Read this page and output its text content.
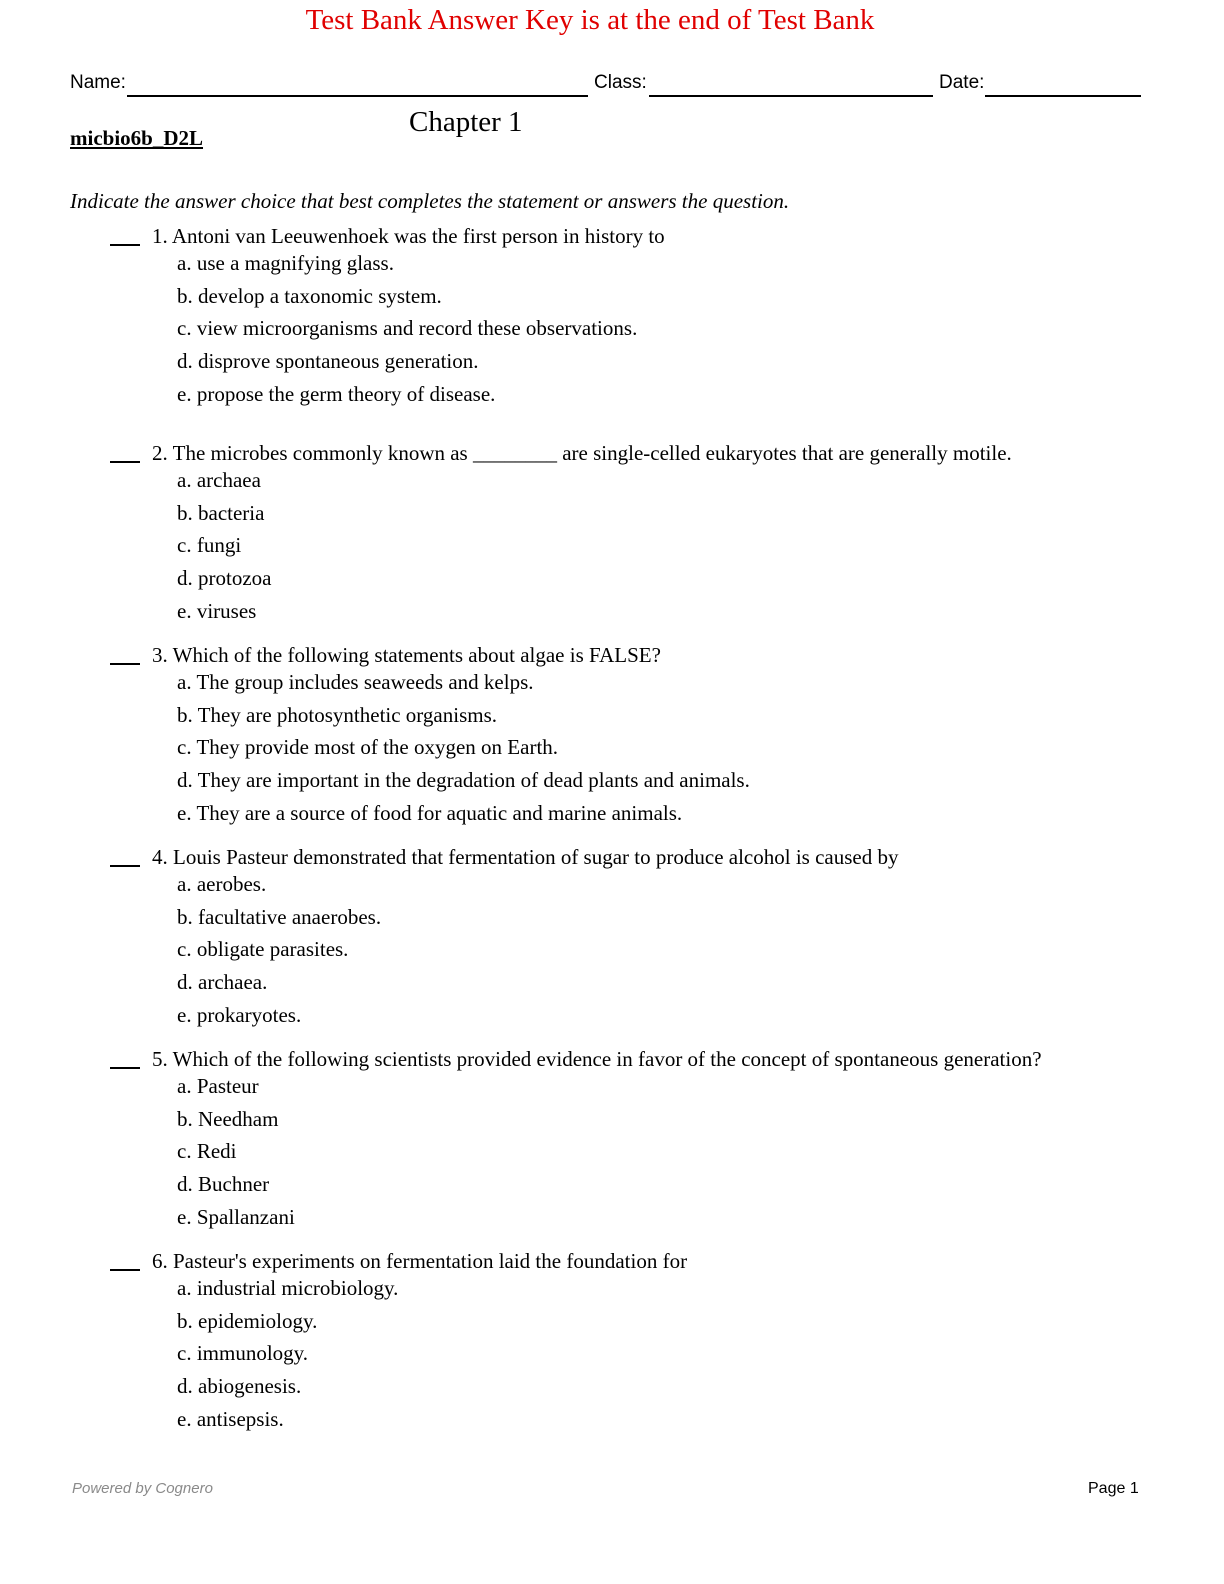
Test Bank Answer Key is at the end of Test Bank
Name:	Class:	Date:
micbio6b_D2L	Chapter 1
Indicate the answer choice that best completes the statement or answers the question.
1. Antoni van Leeuwenhoek was the first person in history to
a. use a magnifying glass.
b. develop a taxonomic system.
c. view microorganisms and record these observations.
d. disprove spontaneous generation.
e. propose the germ theory of disease.
2. The microbes commonly known as ________ are single-celled eukaryotes that are generally motile.
a. archaea
b. bacteria
c. fungi
d. protozoa
e. viruses
3. Which of the following statements about algae is FALSE?
a. The group includes seaweeds and kelps.
b. They are photosynthetic organisms.
c. They provide most of the oxygen on Earth.
d. They are important in the degradation of dead plants and animals.
e. They are a source of food for aquatic and marine animals.
4. Louis Pasteur demonstrated that fermentation of sugar to produce alcohol is caused by
a. aerobes.
b. facultative anaerobes.
c. obligate parasites.
d. archaea.
e. prokaryotes.
5. Which of the following scientists provided evidence in favor of the concept of spontaneous generation?
a. Pasteur
b. Needham
c. Redi
d. Buchner
e. Spallanzani
6. Pasteur's experiments on fermentation laid the foundation for
a. industrial microbiology.
b. epidemiology.
c. immunology.
d. abiogenesis.
e. antisepsis.
Powered by Cognero	Page 1
